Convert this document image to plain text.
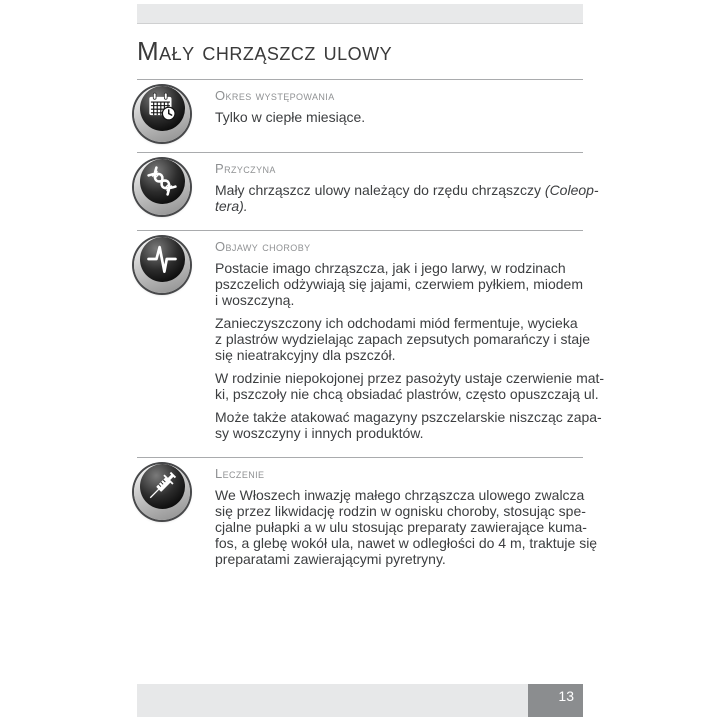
Mały chrząszcz ulowy
Okres występowania
Tylko w ciepłe miesiące.
Przyczyna
Mały chrząszcz ulowy należący do rzędu chrząszczy (Coleop-
tera).
Objawy choroby
Postacie imago chrząszcza, jak i jego larwy, w rodzinach
pszczelich odżywiają się jajami, czerwiem pyłkiem, miodem
i woszczyną.
Zanieczyszczony ich odchodami miód fermentuje, wycieka
z plastrów wydzielając zapach zepsutych pomarańczy i staje
się nieatrakcyjny dla pszczół.
W rodzinie niepokojonej przez pasożyty ustaje czerwienie mat-
ki, pszczoły nie chcą obsiadać plastrów, często opuszczają ul.
Może także atakować magazyny pszczelarskie niszcząc zapa-
sy woszczyny i innych produktów.
Leczenie
We Włoszech inwazję małego chrząszcza ulowego zwalcza
się przez likwidację rodzin w ognisku choroby, stosując spe-
cjalne pułapki a w ulu stosując preparaty zawierające kuma-
fos, a glebę wokół ula, nawet w odległości do 4 m, traktuje się
preparatami zawierającymi pyretryny.
13
